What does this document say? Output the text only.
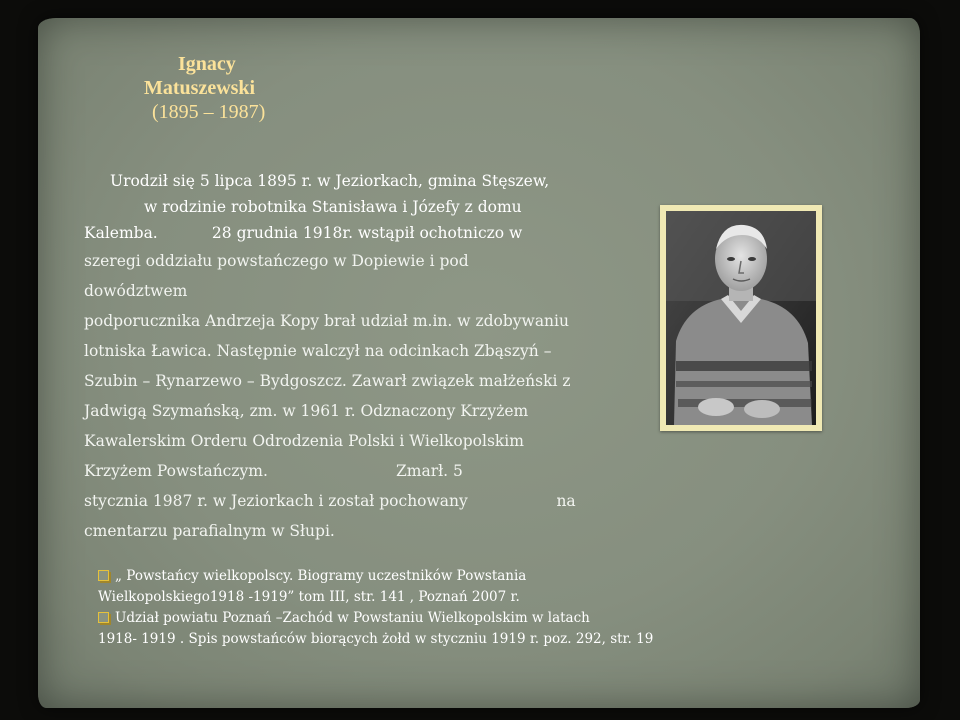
Ignacy
Matuszewski
(1895 – 1987)
Urodził się 5 lipca 1895 r. w Jeziorkach, gmina Stęszew,
w rodzinie robotnika Stanisława i Józefy z domu
Kalemba.           28 grudnia 1918r. wstąpił ochotniczo w
szeregi oddziału powstańczego w Dopiewie i pod dowództwem
podporucznika Andrzeja Kopy brał udział m.in. w zdobywaniu
lotniska Ławica. Następnie walczył na odcinkach Zbąszyń –
Szubin – Rynarzewo – Bydgoszcz. Zawarł związek małżeński z
Jadwigą Szymańską, zm. w 1961 r. Odznaczony Krzyżem
Kawalerskim Orderu Odrodzenia Polski i Wielkopolskim
Krzyżem Powstańczym.                          Zmarł. 5
stycznia 1987 r. w Jeziorkach i został pochowany                  na
cmentarzu parafialnym w Słupi.
„ Powstańcy wielkopolscy. Biogramy uczestników Powstania
Wielkopolskiego1918 -1919” tom III, str. 141 , Poznań 2007 r.
Udział powiatu Poznań –Zachód w Powstaniu Wielkopolskim w latach
1918- 1919 . Spis powstańców biorących żołd w styczniu 1919 r. poz. 292, str. 19
